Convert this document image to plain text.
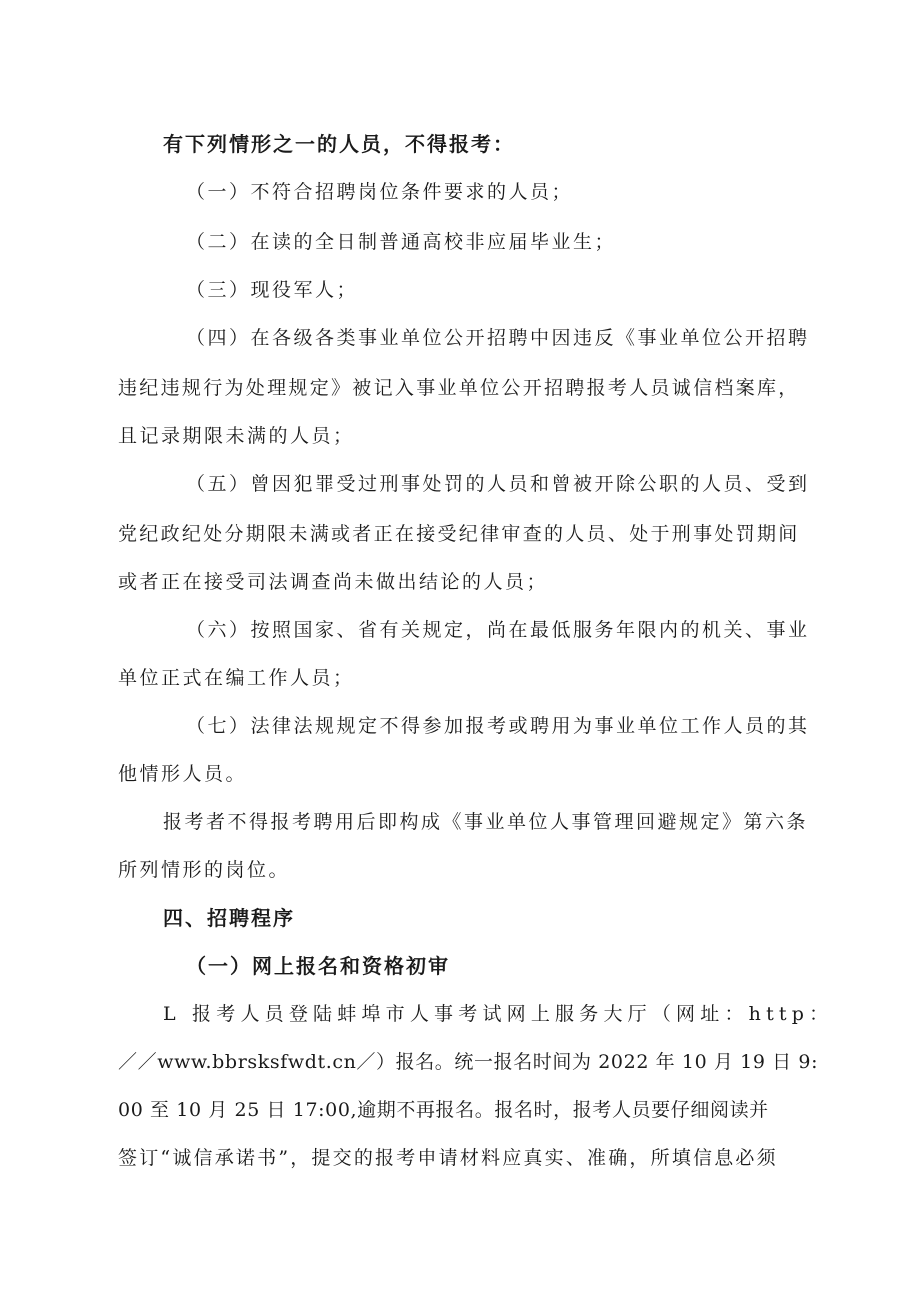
有下列情形之一的人员，不得报考：
（一）不符合招聘岗位条件要求的人员；
（二）在读的全日制普通高校非应届毕业生；
（三）现役军人；
（四）在各级各类事业单位公开招聘中因违反《事业单位公开招聘
违纪违规行为处理规定》被记入事业单位公开招聘报考人员诚信档案库，
且记录期限未满的人员；
（五）曾因犯罪受过刑事处罚的人员和曾被开除公职的人员、受到
党纪政纪处分期限未满或者正在接受纪律审查的人员、处于刑事处罚期间
或者正在接受司法调查尚未做出结论的人员；
（六）按照国家、省有关规定，尚在最低服务年限内的机关、事业
单位正式在编工作人员；
（七）法律法规规定不得参加报考或聘用为事业单位工作人员的其
他情形人员。
报考者不得报考聘用后即构成《事业单位人事管理回避规定》第六条
所列情形的岗位。
四、招聘程序
（一）网上报名和资格初审
L 报考人员登陆蚌埠市人事考试网上服务大厅（网址：http：
／／www.bbrsksfwdt.cn／）报名。统一报名时间为 2022 年 10 月 19 日 9:
00 至 10 月 25 日 17:00,逾期不再报名。报名时，报考人员要仔细阅读并
签订“诚信承诺书”，提交的报考申请材料应真实、准确，所填信息必须
